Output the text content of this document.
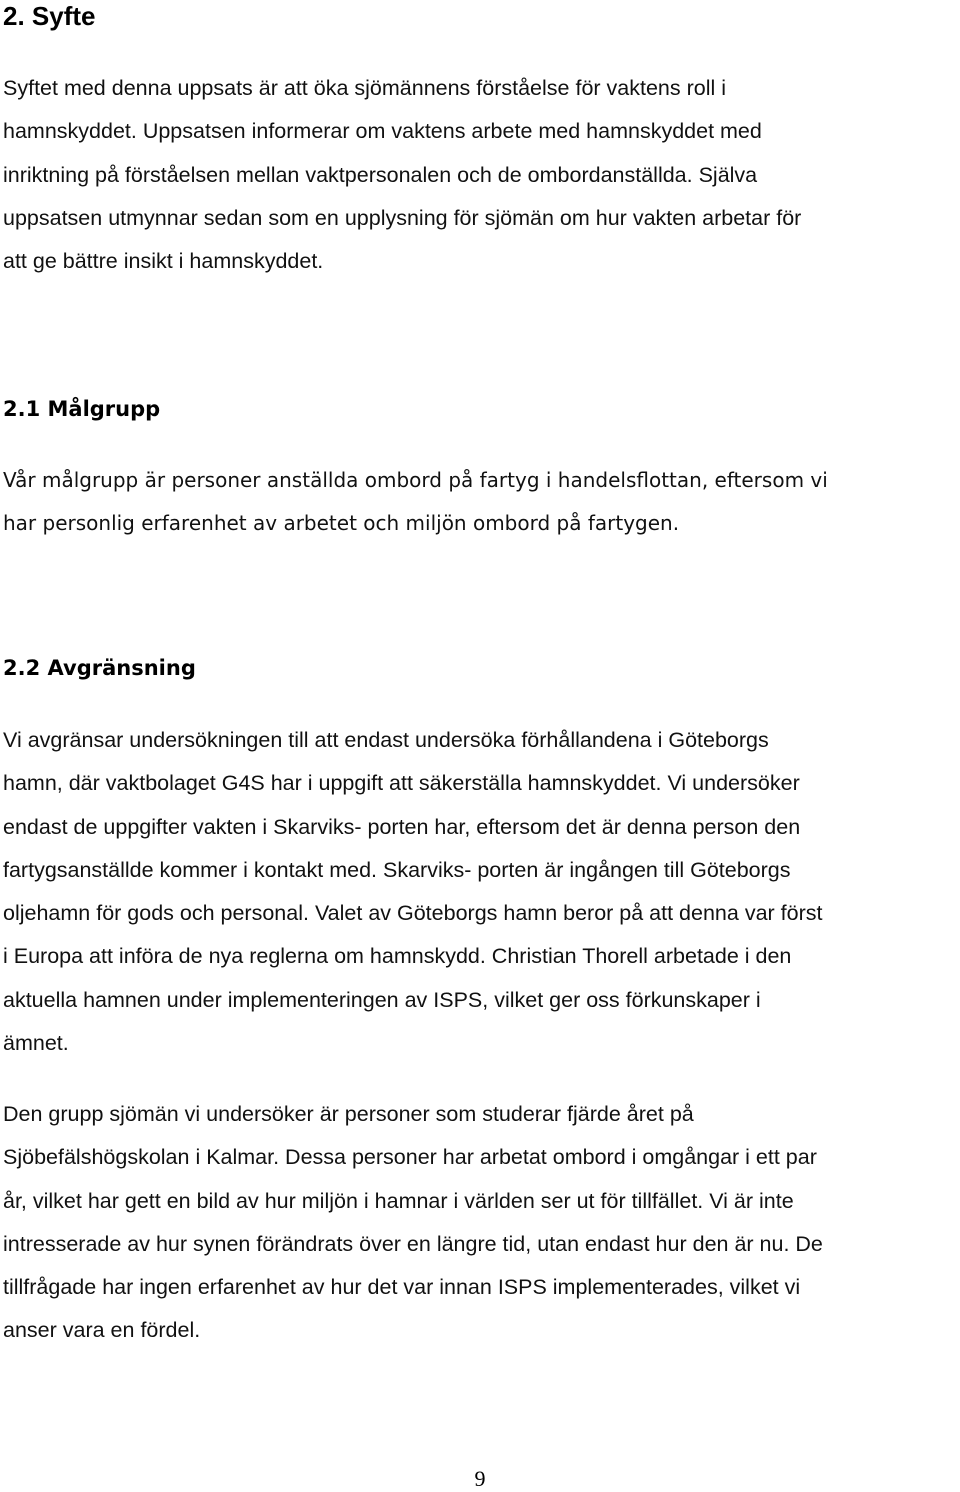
2. Syfte

Syftet med denna uppsats är att öka sjömännens förståelse för vaktens roll i
hamnskyddet. Uppsatsen informerar om vaktens arbete med hamnskyddet med
inriktning på förståelsen mellan vaktpersonalen och de ombordanställda. Själva
uppsatsen utmynnar sedan som en upplysning för sjömän om hur vakten arbetar för
att ge bättre insikt i hamnskyddet.

2.1 Målgrupp

Vår målgrupp är personer anställda ombord på fartyg i handelsflottan, eftersom vi
har personlig erfarenhet av arbetet och miljön ombord på fartygen.

2.2 Avgränsning

Vi avgränsar undersökningen till att endast undersöka förhållandena i Göteborgs
hamn, där vaktbolaget G4S har i uppgift att säkerställa hamnskyddet. Vi undersöker
endast de uppgifter vakten i Skarviks- porten har, eftersom det är denna person den
fartygsanställde kommer i kontakt med. Skarviks- porten är ingången till Göteborgs
oljehamn för gods och personal. Valet av Göteborgs hamn beror på att denna var först
i Europa att införa de nya reglerna om hamnskydd. Christian Thorell arbetade i den
aktuella hamnen under implementeringen av ISPS, vilket ger oss förkunskaper i
ämnet.

Den grupp sjömän vi undersöker är personer som studerar fjärde året på
Sjöbefälshögskolan i Kalmar. Dessa personer har arbetat ombord i omgångar i ett par
år, vilket har gett en bild av hur miljön i hamnar i världen ser ut för tillfället. Vi är inte
intresserade av hur synen förändrats över en längre tid, utan endast hur den är nu. De
tillfrågade har ingen erfarenhet av hur det var innan ISPS implementerades, vilket vi
anser vara en fördel.

9
